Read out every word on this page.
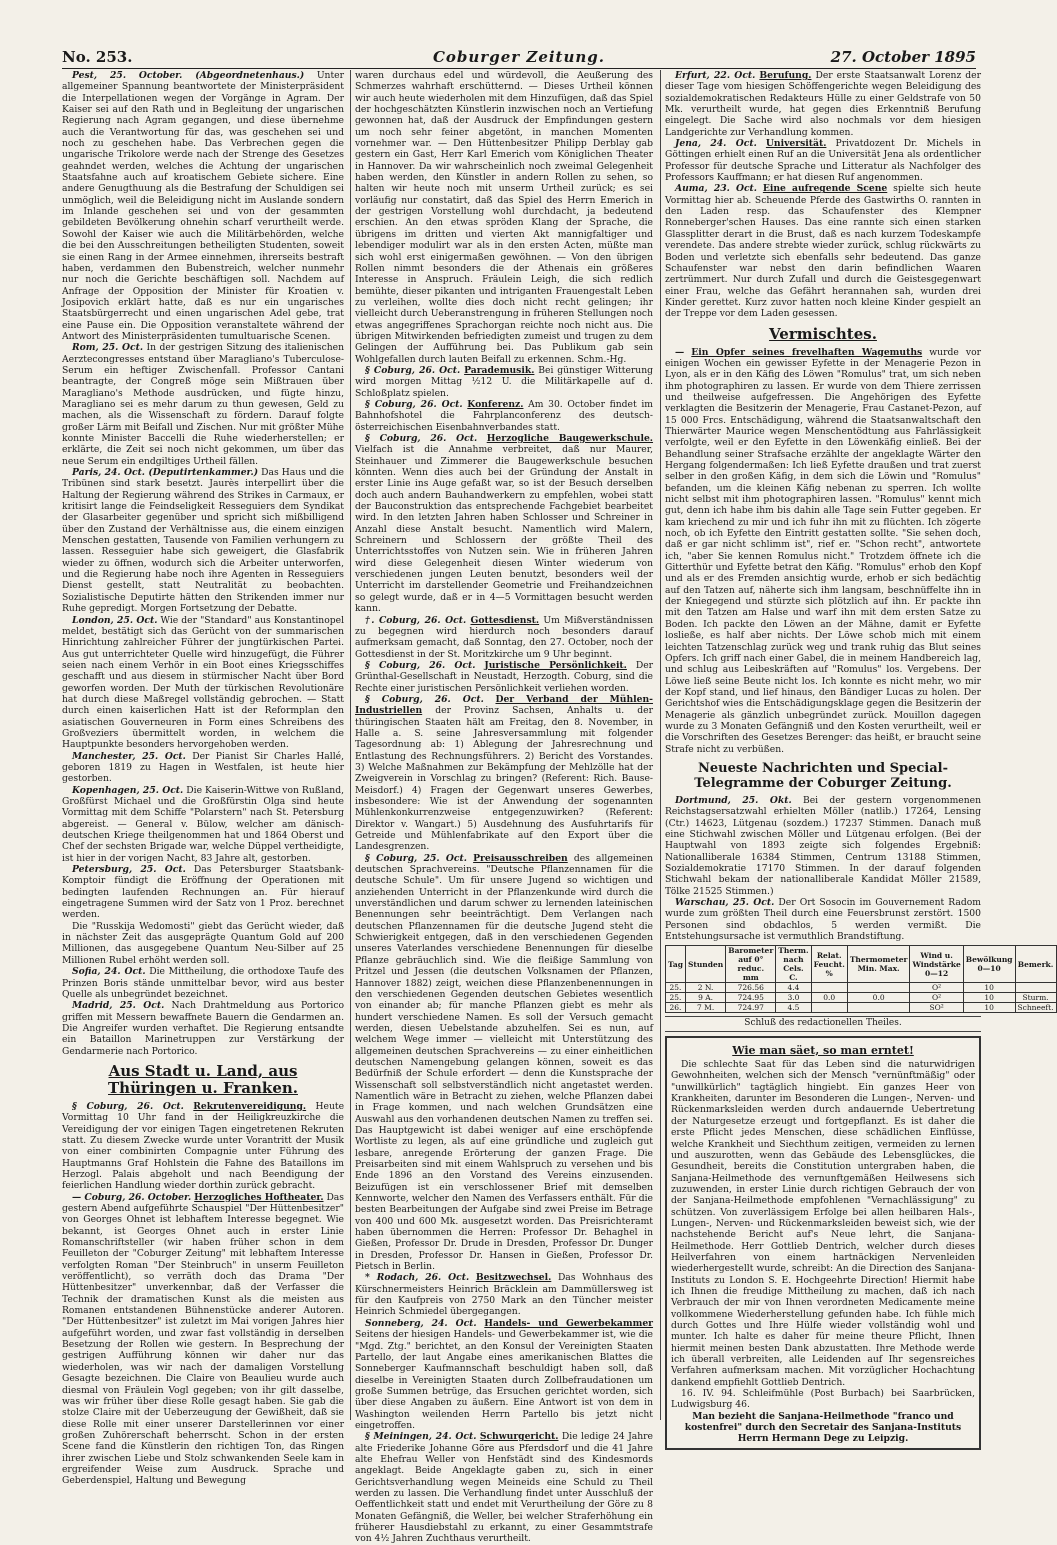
No. 253.	Coburger Zeitung.	27. October 1895

Pest, 25. October. (Abgeordnetenhaus.) Unter allgemeiner Spannung beantwortete der Ministerpräsident die Interpellationen wegen der Vorgänge in Agram. Der Kaiser sei auf den Rath und in Begleitung der ungarischen Regierung nach Agram gegangen, und diese übernehme auch die Verantwortung für das, was geschehen sei und noch zu geschehen habe. Das Verbrechen gegen die ungarische Trikolore werde nach der Strenge des Gesetzes geahndet werden, welches die Achtung der ungarischen Staatsfahne auch auf kroatischem Gebiete sichere. Eine andere Genugthuung als die Bestrafung der Schuldigen sei unmöglich, weil die Beleidigung nicht im Auslande sondern im Inlande geschehen sei und von der gesammten gebildeten Bevölkerung ohnehin scharf verurtheilt werde. Sowohl der Kaiser wie auch die Militärbehörden, welche die bei den Ausschreitungen betheiligten Studenten, soweit sie einen Rang in der Armee einnehmen, ihrerseits bestraft haben, verdammen den Bubenstreich, welcher nunmehr nur noch die Gerichte beschäftigen soll. Nachdem auf Anfrage der Opposition der Minister für Kroatien v. Josipovich erklärt hatte, daß es nur ein ungarisches Staatsbürgerrecht und einen ungarischen Adel gebe, trat eine Pause ein. Die Opposition veranstaltete während der Antwort des Ministerpräsidenten tumultuarische Scenen.

Rom, 25. Oct. In der gestrigen Sitzung des italienischen Aerztecongresses entstand über Maragliano's Tuberculose-Serum ein heftiger Zwischenfall. Professor Cantani beantragte, der Congreß möge sein Mißtrauen über Maragliano's Methode ausdrücken, und fügte hinzu, Maragliano sei es mehr darum zu thun gewesen, Geld zu machen, als die Wissenschaft zu fördern. Darauf folgte großer Lärm mit Beifall und Zischen. Nur mit größter Mühe konnte Minister Baccelli die Ruhe wiederherstellen; er erklärte, die Zeit sei noch nicht gekommen, um über das neue Serum ein endgiltiges Urtheil fällen.

Paris, 24. Oct. (Deputirtenkammer.) Das Haus und die Tribünen sind stark besetzt. Jaurès interpellirt über die Haltung der Regierung während des Strikes in Carmaux, er kritisirt lange die Feindseligkeit Resseguiers dem Syndikat der Glasarbeiter gegenüber und spricht sich mißbilligend über den Zustand der Verhältnisse aus, die einem einzigen Menschen gestatten, Tausende von Familien verhungern zu lassen. Resseguier habe sich geweigert, die Glasfabrik wieder zu öffnen, wodurch sich die Arbeiter unterworfen, und die Regierung habe noch ihre Agenten in Resseguiers Dienst gestellt, statt Neutralität zu beobachten. Sozialistische Deputirte hätten den Strikenden immer nur Ruhe gepredigt. Morgen Fortsetzung der Debatte.

London, 25. Oct. Wie der "Standard" aus Konstantinopel meldet, bestätigt sich das Gerücht von der summarischen Hinrichtung zahlreicher Führer der jungtürkischen Partei. Aus gut unterrichteter Quelle wird hinzugefügt, die Führer seien nach einem Verhör in ein Boot eines Kriegsschiffes geschafft und aus diesem in stürmischer Nacht über Bord geworfen worden. Der Muth der türkischen Revolutionäre hat durch diese Maßregel vollständig gebrochen. — Statt durch einen kaiserlichen Hatt ist der Reformplan den asiatischen Gouverneuren in Form eines Schreibens des Großveziers übermittelt worden, in welchem die Hauptpunkte besonders hervorgehoben werden.

Manchester, 25. Oct. Der Pianist Sir Charles Hallé, geboren 1819 zu Hagen in Westfalen, ist heute hier gestorben.

Kopenhagen, 25. Oct. Die Kaiserin-Wittwe von Rußland, Großfürst Michael und die Großfürstin Olga sind heute Vormittag mit dem Schiffe "Polarstern" nach St. Petersburg abgereist. — General v. Bülow, welcher am dänisch-deutschen Kriege theilgenommen hat und 1864 Oberst und Chef der sechsten Brigade war, welche Düppel vertheidigte, ist hier in der vorigen Nacht, 83 Jahre alt, gestorben.

Petersburg, 25. Oct. Das Petersburger Staatsbank-Komptoir fündigt die Eröffnung der Operationen mit bedingten laufenden Rechnungen an. Für hierauf eingetragene Summen wird der Satz von 1 Proz. berechnet werden.

Die "Russkija Wedomosti" giebt das Gerücht wieder, daß in nächster Zeit das ausgeprägte Quantum Gold auf 200 Millionen, das ausgegebene Quantum Neu-Silber auf 25 Millionen Rubel erhöht werden soll.

Sofia, 24. Oct. Die Mittheilung, die orthodoxe Taufe des Prinzen Boris stände unmittelbar bevor, wird aus bester Quelle als unbegründet bezeichnet.

Madrid, 25. Oct. Nach Drahtmeldung aus Portorico griffen mit Messern bewaffnete Bauern die Gendarmen an. Die Angreifer wurden verhaftet. Die Regierung entsandte ein Bataillon Marinetruppen zur Verstärkung der Gendarmerie nach Portorico.

Aus Stadt u. Land, aus Thüringen u. Franken.

§ Coburg, 26. Oct. Rekrutenvereidigung. Heute Vormittag 10 Uhr fand in der Heiligkreuzkirche die Vereidigung der vor einigen Tagen eingetretenen Rekruten statt. Zu diesem Zwecke wurde unter Vorantritt der Musik von einer combinirten Compagnie unter Führung des Hauptmanns Graf Hohlstein die Fahne des Bataillons im Herzogl. Palais abgeholt und nach Beendigung der feierlichen Handlung wieder dorthin zurück gebracht.

— Coburg, 26. October. Herzogliches Hoftheater. Das gestern Abend aufgeführte Schauspiel "Der Hüttenbesitzer" von Georges Ohnet ist lebhaftem Interesse begegnet. Wie bekannt, ist Georges Ohnet auch in erster Linie Romanschriftsteller (wir haben früher schon in dem Feuilleton der "Coburger Zeitung" mit lebhaftem Interesse verfolgten Roman "Der Steinbruch" in unserm Feuilleton veröffentlicht), so verräth doch das Drama "Der Hüttenbesitzer" unverkennbar, daß der Verfasser die Technik der dramatischen Kunst als die meisten aus Romanen entstandenen Bühnenstücke anderer Autoren. "Der Hüttenbesitzer" ist zuletzt im Mai vorigen Jahres hier aufgeführt worden, und zwar fast vollständig in derselben Besetzung der Rollen wie gestern. In Besprechung der gestrigen Aufführung können wir daher nur das wiederholen, was wir nach der damaligen Vorstellung Gesagte bezeichnen. Die Claire von Beaulieu wurde auch diesmal von Fräulein Vogl gegeben; von ihr gilt dasselbe, was wir früher über diese Rolle gesagt haben. Sie gab die stolze Claire mit der Ueberzeugung der Gewißheit, daß sie diese Rolle mit einer unserer Darstellerinnen vor einer großen Zuhörerschaft beherrscht. Schon in der ersten Scene fand die Künstlerin den richtigen Ton, das Ringen ihrer zwischen Liebe und Stolz schwankenden Seele kam in ergreifender Weise zum Ausdruck. Sprache und Geberdenspiel, Haltung und Bewegung

waren durchaus edel und würdevoll, die Aeußerung des Schmerzes wahrhaft erschütternd. — Dieses Urtheil können wir auch heute wiederholen mit dem Hinzufügen, daß das Spiel der hochgeschätzten Künstlerin inzwischen noch an Vertiefung gewonnen hat, daß der Ausdruck der Empfindungen gestern um noch sehr feiner abgetönt, in manchen Momenten vornehmer war. — Den Hüttenbesitzer Philipp Derblay gab gestern ein Gast, Herr Karl Emerich vom Königlichen Theater in Hannover. Da wir wahrscheinlich noch zweimal Gelegenheit haben werden, den Künstler in andern Rollen zu sehen, so halten wir heute noch mit unserm Urtheil zurück; es sei vorläufig nur constatirt, daß das Spiel des Herrn Emerich in der gestrigen Vorstellung wohl durchdacht, ja bedeutend erschien. An den etwas spröden Klang der Sprache, die übrigens im dritten und vierten Akt mannigfaltiger und lebendiger modulirt war als in den ersten Acten, müßte man sich wohl erst einigermaßen gewöhnen. — Von den übrigen Rollen nimmt besonders die der Athenais ein größeres Interesse in Anspruch. Fräulein Leigh, die sich redlich bemühte, dieser pikanten und intriganten Frauengestalt Leben zu verleihen, wollte dies doch nicht recht gelingen; ihr vielleicht durch Ueberanstrengung in früheren Stellungen noch etwas angegriffenes Sprachorgan reichte noch nicht aus. Die übrigen Mitwirkenden befriedigten zumeist und trugen zu dem Gelingen der Aufführung bei. Das Publikum gab sein Wohlgefallen durch lauten Beifall zu erkennen. Schm.-Hg.

§ Coburg, 26. Oct. Parademusik. Bei günstiger Witterung wird morgen Mittag ½12 U. die Militärkapelle auf d. Schloßplatz spielen.

§ Coburg, 26. Oct. Konferenz. Am 30. October findet im Bahnhofshotel die Fahrplanconferenz des deutsch-österreichischen Eisenbahnverbandes statt.

§ Coburg, 26. Oct. Herzogliche Baugewerkschule. Vielfach ist die Annahme verbreitet, daß nur Maurer, Steinhauer und Zimmerer die Baugewerkschule besuchen könnten. Wenn dies auch bei der Gründung der Anstalt in erster Linie ins Auge gefaßt war, so ist der Besuch derselben doch auch andern Bauhandwerkern zu empfehlen, wobei statt der Bauconstruktion das entsprechende Fachgebiet bearbeitet wird. In den letzten Jahren haben Schlosser und Schreiner in Anzahl diese Anstalt besucht. Namentlich wird Malern, Schreinern und Schlossern der größte Theil des Unterrichtsstoffes von Nutzen sein. Wie in früheren Jahren wird diese Gelegenheit diesen Winter wiederum von verschiedenen jungen Leuten benutzt, besonders weil der Unterricht im darstellender Geometrie und Freihandzeichnen so gelegt wurde, daß er in 4—5 Vormittagen besucht werden kann.

†. Coburg, 26. Oct. Gottesdienst. Um Mißverständnissen zu begegnen wird hierdurch noch besonders darauf aufmerksam gemacht, daß Sonntag, den 27. October, noch der Gottesdienst in der St. Moritzkirche um 9 Uhr beginnt.

§ Coburg, 26. Oct. Juristische Persönlichkeit. Der Grünthal-Gesellschaft in Neustadt, Herzogth. Coburg, sind die Rechte einer juristischen Persönlichkeit verliehen worden.

§ Coburg, 26. Oct. Der Verband der Mühlen-Industriellen der Provinz Sachsen, Anhalts u. der thüringischen Staaten hält am Freitag, den 8. November, in Halle a. S. seine Jahresversammlung mit folgender Tagesordnung ab: 1) Ablegung der Jahresrechnung und Entlastung des Rechnungsführers. 2) Bericht des Vorstandes. 3) Welche Maßnahmen zur Bekämpfung der Mehlzölle hat der Zweigverein in Vorschlag zu bringen? (Referent: Rich. Bause-Meisdorf.) 4) Fragen der Gegenwart unseres Gewerbes, insbesondere: Wie ist der Anwendung der sogenannten Mühlenkonkurrenzweise entgegenzuwirken? (Referent: Direktor v. Wangart.) 5) Ausdehnung des Ausfuhrtarifs für Getreide und Mühlenfabrikate auf den Export über die Landesgrenzen.

§ Coburg, 25. Oct. Preisausschreiben des allgemeinen deutschen Sprachvereins. "Deutsche Pflanzennamen für die deutsche Schule". Um für unsere Jugend so wichtigen und anziehenden Unterricht in der Pflanzenkunde wird durch die unverständlichen und darum schwer zu lernenden lateinischen Benennungen sehr beeinträchtigt. Dem Verlangen nach deutschen Pflanzennamen für die deutsche Jugend steht die Schwierigkeit entgegen, daß in den verschiedenen Gegenden unseres Vaterlandes verschiedene Benennungen für dieselbe Pflanze gebräuchlich sind. Wie die fleißige Sammlung von Pritzel und Jessen (die deutschen Volksnamen der Pflanzen, Hannover 1882) zeigt, weichen diese Pflanzenbenennungen in den verschiedenen Gegenden deutschen Gebietes wesentlich von einander ab; für manche Pflanzen giebt es mehr als hundert verschiedene Namen. Es soll der Versuch gemacht werden, diesen Uebelstande abzuhelfen. Sei es nun, auf welchem Wege immer — vielleicht mit Unterstützung des allgemeinen deutschen Sprachvereins — zu einer einheitlichen deutschen Namengebung gelangen können, soweit es das Bedürfniß der Schule erfordert — denn die Kunstsprache der Wissenschaft soll selbstverständlich nicht angetastet werden. Namentlich wäre in Betracht zu ziehen, welche Pflanzen dabei in Frage kommen, und nach welchen Grundsätzen eine Auswahl aus den vorhandenen deutschen Namen zu treffen sei. Das Hauptgewicht ist dabei weniger auf eine erschöpfende Wortliste zu legen, als auf eine gründliche und zugleich gut lesbare, anregende Erörterung der ganzen Frage. Die Preisarbeiten sind mit einem Wahlspruch zu versehen und bis Ende 1896 an den Vorstand des Vereins einzusenden. Beizufügen ist ein verschlossener Brief mit demselben Kennworte, welcher den Namen des Verfassers enthält. Für die besten Bearbeitungen der Aufgabe sind zwei Preise im Betrage von 400 und 600 Mk. ausgesetzt worden. Das Preisrichteramt haben übernommen die Herren: Professor Dr. Behaghel in Gießen, Professor Dr. Drude in Dresden, Professor Dr. Dunger in Dresden, Professor Dr. Hansen in Gießen, Professor Dr. Pietsch in Berlin.

* Rodach, 26. Oct. Besitzwechsel. Das Wohnhaus des Kürschnermeisters Heinrich Bräcklein am Dammüllersweg ist für den Kaufpreis von 2750 Mark an den Tüncher meister Heinrich Schmiedel übergegangen.

Sonneberg, 24. Oct. Handels- und Gewerbekammer Seitens der hiesigen Handels- und Gewerbekammer ist, wie die "Mgd. Ztg." berichtet, an den Konsul der Vereinigten Staaten Partello, der laut Angabe eines amerikanischen Blattes die Sonneberger Kaufmannschaft beschuldigt haben soll, daß dieselbe in Vereinigten Staaten durch Zollbefraudationen um große Summen betrüge, das Ersuchen gerichtet worden, sich über diese Angaben zu äußern. Eine Antwort ist von dem in Washington weilenden Herrn Partello bis jetzt nicht eingetroffen.

§ Meiningen, 24. Oct. Schwurgericht. Die ledige 24 Jahre alte Friederike Johanne Göre aus Pferdsdorf und die 41 Jahre alte Ehefrau Weller von Henfstädt sind des Kindesmords angeklagt. Beide Angeklagte gaben zu, sich in einer Gerichtsverhandlung wegen Meineids eine Schuld zu Theil werden zu lassen. Die Verhandlung findet unter Ausschluß der Oeffentlichkeit statt und endet mit Verurtheilung der Göre zu 8 Monaten Gefängniß, die Weller, bei welcher Straferhöhung ein früherer Hausdiebstahl zu erkannt, zu einer Gesammtstrafe von 4½ Jahren Zuchthaus verurtheilt.

Erfurt, 22. Oct. Berufung. Der erste Staatsanwalt Lorenz der dieser Tage vom hiesigen Schöffengerichte wegen Beleidigung des sozialdemokratischen Redakteurs Hülle zu einer Geldstrafe von 50 Mk. verurtheilt wurde, hat gegen dies Erkenntniß Berufung eingelegt. Die Sache wird also nochmals vor dem hiesigen Landgerichte zur Verhandlung kommen.

Jena, 24. Oct. Universität. Privatdozent Dr. Michels in Göttingen erhielt einen Ruf an die Universität Jena als ordentlicher Professor für deutsche Sprache und Litteratur als Nachfolger des Professors Kauffmann; er hat diesen Ruf angenommen.

Aumа, 23. Oct. Eine aufregende Scene spielte sich heute Vormittag hier ab. Scheuende Pferde des Gastwirths O. rannten in den Laden resp. das Schaufenster des Klempner Ronneberger'schen Hauses. Das eine rannte sich einen starken Glassplitter derart in die Brust, daß es nach kurzem Todeskampfe verendete. Das andere strebte wieder zurück, schlug rückwärts zu Boden und verletzte sich ebenfalls sehr bedeutend. Das ganze Schaufenster war nebst den darin befindlichen Waaren zertrümmert. Nur durch Zufall und durch die Geistesgegenwart einer Frau, welche das Gefährt herannahen sah, wurden drei Kinder gerettet. Kurz zuvor hatten noch kleine Kinder gespielt an der Treppe vor dem Laden gesessen.

Vermischtes.

— Ein Opfer seines frevelhaften Wagemuths wurde vor einigen Wochen ein gewisser Eyfette in der Menagerie Pezon in Lyon, als er in den Käfig des Löwen "Romulus" trat, um sich neben ihm photographiren zu lassen. Er wurde von dem Thiere zerrissen und theilweise aufgefressen. Die Angehörigen des Eyfette verklagten die Besitzerin der Menagerie, Frau Castanet-Pezon, auf 15 000 Frcs. Entschädigung, während die Staatsanwaltschaft den Thierwärter Maurice wegen Menschentödtung aus Fahrlässigkeit verfolgte, weil er den Eyfette in den Löwenkäfig einließ. Bei der Behandlung seiner Strafsache erzählte der angeklagte Wärter den Hergang folgendermaßen: Ich ließ Eyfette draußen und trat zuerst selber in den großen Käfig, in dem sich die Löwin und "Romulus" befanden, um die kleinen Käfig nebenan zu sperren. Ich wollte nicht selbst mit ihm photographiren lassen. "Romulus" kennt mich gut, denn ich habe ihm bis dahin alle Tage sein Futter gegeben. Er kam kriechend zu mir und ich fuhr ihn mit zu flüchten. Ich zögerte noch, ob ich Eyfette den Eintritt gestatten sollte. "Sie sehen doch, daß er gar nicht schlimm ist", rief er. "Schon recht", antwortete ich, "aber Sie kennen Romulus nicht." Trotzdem öffnete ich die Gitterthür und Eyfette betrat den Käfig. "Romulus" erhob den Kopf und als er des Fremden ansichtig wurde, erhob er sich bedächtig auf den Tatzen auf, näherte sich ihm langsam, beschnüffelte ihn in der Kniegegend und stürzte sich plötzlich auf ihn. Er packte ihn mit den Tatzen am Halse und warf ihn mit dem ersten Satze zu Boden. Ich packte den Löwen an der Mähne, damit er Eyfette losließe, es half aber nichts. Der Löwe schob mich mit einem leichten Tatzenschlag zurück weg und trank ruhig das Blut seines Opfers. Ich griff nach einer Gabel, die in meinem Handbereich lag, und schlug aus Leibeskräften auf "Romulus" los. Vergebens. Der Löwe ließ seine Beute nicht los. Ich konnte es nicht mehr, wo mir der Kopf stand, und lief hinaus, den Bändiger Lucas zu holen. Der Gerichtshof wies die Entschädigungsklage gegen die Besitzerin der Menagerie als gänzlich unbegründet zurück. Mouillon dagegen wurde zu 3 Monaten Gefängniß und den Kosten verurtheilt, weil er die Vorschriften des Gesetzes Berenger: das heißt, er braucht seine Strafe nicht zu verbüßen.

Neueste Nachrichten und Special-Telegramme der Coburger Zeitung.

Dortmund, 25. Okt. Bei der gestern vorgenommenen Reichstagsersatzwahl erhielten Möller (natlib.) 17264, Lensing (Ctr.) 14623, Lütgenau (sozdem.) 17237 Stimmen. Danach muß eine Stichwahl zwischen Möller und Lütgenau erfolgen. (Bei der Hauptwahl von 1893 zeigte sich folgendes Ergebniß: Nationalliberale 16384 Stimmen, Centrum 13188 Stimmen, Sozialdemokratie 17170 Stimmen. In der darauf folgenden Stichwahl bekam der nationalliberale Kandidat Möller 21589, Tölke 21525 Stimmen.)

Warschau, 25. Oct. Der Ort Sosocin im Gouvernement Radom wurde zum größten Theil durch eine Feuersbrunst zerstört. 1500 Personen sind obdachlos, 5 werden vermißt. Die Entstehungsursache ist vermuthlich Brandstiftung.

Tag	Stunden	Barometer auf 0° reduc. mm	Therm. nach Cels. C.	Relat. Feucht. %	Thermometer Min. Max.	Wind u. Windstärke 0—12	Bewölkung 0—10	Bemerk.
25.	2 N.	726.56	4.4			O²	10	
25.	9 A.	724.95	3.0	0.0	0.0	O²	10	Sturm.
26.	7 M.	724.97	4.5			SO²	10	Schneeft.
Schluß des redactionellen Theiles.
Wie man säet, so man erntet!

Die schlechte Saat für das Leben sind die naturwidrigen Gewohnheiten, welchen sich der Mensch "vernünftmäßig" oder "unwillkürlich" tagtäglich hingiebt. Ein ganzes Heer von Krankheiten, darunter im Besonderen die Lungen-, Nerven- und Rückenmarksleiden werden durch andauernde Uebertretung der Naturgesetze erzeugt und fortgepflanzt. Es ist daher die erste Pflicht jedes Menschen, diese schädlichen Einflüsse, welche Krankheit und Siechthum zeitigen, vermeiden zu lernen und auszurotten, wenn das Gebäude des Lebensglückes, die Gesundheit, bereits die Constitution untergraben haben, die Sanjana-Heilmethode des vernunftgemäßen Heilwesens sich zuzuwenden, in erster Linie durch richtigen Gebrauch der von der Sanjana-Heilmethode empfohlenen "Vernachlässigung" zu schützen. Von zuverlässigem Erfolge bei allen heilbaren Hals-, Lungen-, Nerven- und Rückenmarksleiden beweist sich, wie der nachstehende Bericht auf's Neue lehrt, die Sanjana-Heilmethode. Herr Gottlieb Dentrich, welcher durch dieses Heilverfahren von einem hartnäckigen Nervenleiden wiederhergestellt wurde, schreibt: An die Direction des Sanjana-Instituts zu London S. E. Hochgeehrte Direction! Hiermit habe ich Ihnen die freudige Mittheilung zu machen, daß ich nach Verbrauch der mir von Ihnen verordneten Medicamente meine vollkommene Wiederherstellung gefunden habe. Ich fühle mich durch Gottes und Ihre Hülfe wieder vollständig wohl und munter. Ich halte es daher für meine theure Pflicht, Ihnen hiermit meinen besten Dank abzustatten. Ihre Methode werde ich überall verbreiten, alle Leidenden auf Ihr segensreiches Verfahren aufmerksam machen. Mit vorzüglicher Hochachtung dankend empfiehlt Gottlieb Dentrich.

16. IV. 94. Schleifmühle (Post Burbach) bei Saarbrücken, Ludwigsburg 46.

Man bezieht die Sanjana-Heilmethode "franco und kostenfrei" durch den Secretair des Sanjana-Instituts Herrn Hermann Dege zu Leipzig.
